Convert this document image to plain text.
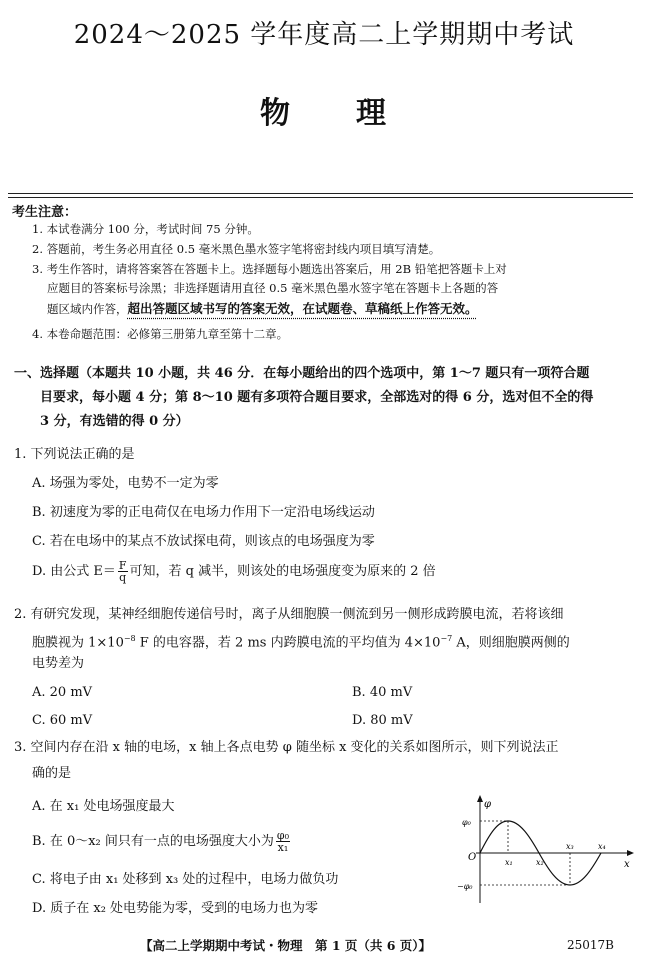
2024～2025 学年度高二上学期期中考试
物　　理
考生注意：
1. 本试卷满分 100 分，考试时间 75 分钟。
2. 答题前，考生务必用直径 0.5 毫米黑色墨水签字笔将密封线内项目填写清楚。
3. 考生作答时，请将答案答在答题卡上。选择题每小题选出答案后，用 2B 铅笔把答题卡上对
应题目的答案标号涂黑；非选择题请用直径 0.5 毫米黑色墨水签字笔在答题卡上各题的答
题区域内作答，超出答题区域书写的答案无效，在试题卷、草稿纸上作答无效。
4. 本卷命题范围：必修第三册第九章至第十二章。
一、选择题（本题共 10 小题，共 46 分．在每小题给出的四个选项中，第 1～7 题只有一项符合题
目要求，每小题 4 分；第 8～10 题有多项符合题目要求，全部选对的得 6 分，选对但不全的得
3 分，有选错的得 0 分）
1. 下列说法正确的是
A. 场强为零处，电势不一定为零
B. 初速度为零的正电荷仅在电场力作用下一定沿电场线运动
C. 若在电场中的某点不放试探电荷，则该点的电场强度为零
D. 由公式 $E= \frac{F}{q}$ 可知，若 q 减半，则该处的电场强度变为原来的 2 倍
2. 有研究发现，某神经细胞传递信号时，离子从细胞膜一侧流到另一侧形成跨膜电流，若将该细
胞膜视为 $1\times 10^{-8}$ F 的电容器，若 2 ms 内跨膜电流的平均值为 $4\times 10^{-7}$ A，则细胞膜两侧的
电势差为
A. 20 mV	B. 40 mV
C. 60 mV	D. 80 mV
3. 空间内存在沿 x 轴的电场，x 轴上各点电势 φ 随坐标 x 变化的关系如图所示，则下列说法正
确的是
A. 在 x₁ 处电场强度最大
B. 在 0～x₂ 间只有一点的电场强度大小为 $\frac{\text{φ₀}}{\text{x₁}}$
C. 将电子由 x₁ 处移到 x₃ 处的过程中，电场力做负功
D. 质子在 x₂ 处电势能为零，受到的电场力也为零
φ
φ₀
−φ₀
O	x₁	x₂
x₃	x₄
x
【高二上学期期中考试・物理　第 1 页（共 6 页）】	25017B
